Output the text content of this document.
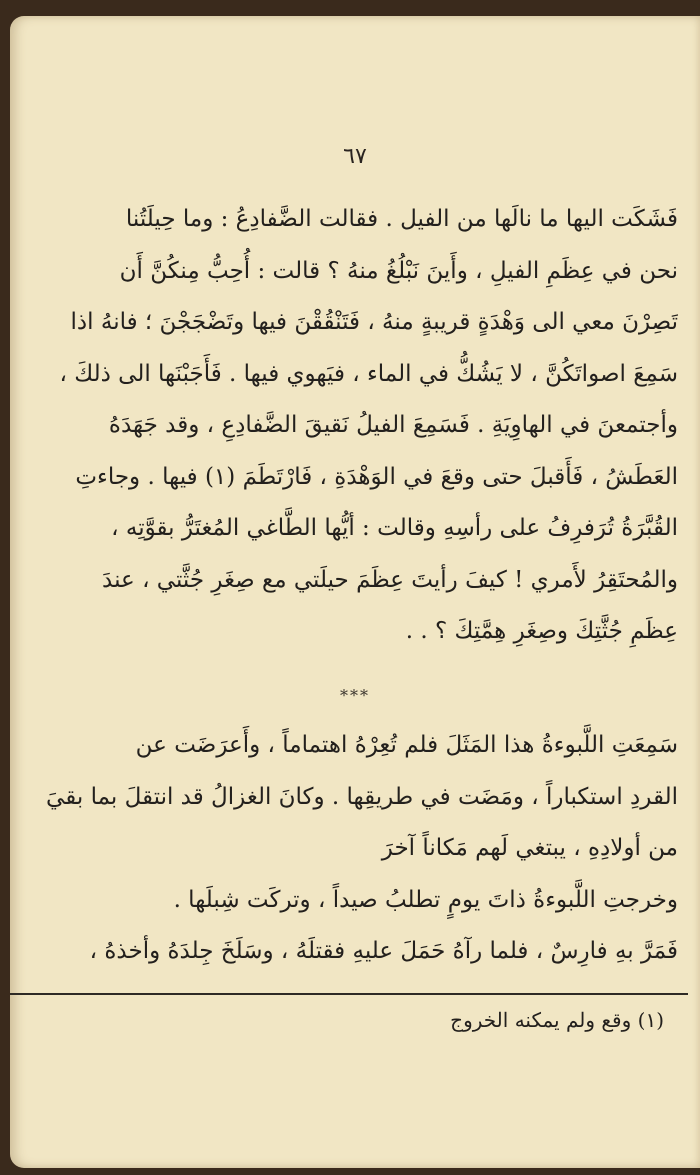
٦٧
فَشَكَت اليها ما نالَها من الفيل . فقالت الضَّفادِعُ : وما حِيلَتُنا
نحن في عِظَمِ الفيلِ ، وأَينَ نَبْلُغُ منهُ ؟ قالت : أُحِبُّ مِنكُنَّ أَن
تَصِرْنَ معي الى وَهْدَةٍ قريبةٍ منهُ ، فَتَنْقُقْنَ فيها وتَضْجَجْنَ ؛ فانهُ اذا
سَمِعَ اصواتَكُنَّ ، لا يَشُكُّ في الماء ، فيَهوي فيها . فَأَجَبْنَها الى ذلكَ ،
وأجتمعنَ في الهاوِيَةِ . فَسَمِعَ الفيلُ نَقيقَ الضَّفادِعِ ، وقد جَهَدَهُ
العَطَشُ ، فَأَقبلَ حتى وقعَ في الوَهْدَةِ ، فَارْتَطَمَ (١) فيها . وجاءتِ
القُبَّرَةُ تُرَفرِفُ على رأسِهِ وقالت : أيُّها الطَّاغي المُغتَرُّ بقوَّتِه ،
والمُحتَقِرُ لأَمري ! كيفَ رأيتَ عِظَمَ حيلَتي مع صِغَرِ جُثَّتي ، عندَ
عِظَمِ جُثَّتِكَ وصِغَرِ هِمَّتِكَ ؟ . .
***
سَمِعَتِ اللَّبوءةُ هذا المَثَلَ فلم تُعِرْهُ اهتماماً ، وأَعرَضَت عن
القردِ استكباراً ، ومَضَت في طريقِها . وكانَ الغزالُ قد انتقلَ بما بقيَ
من أولادِهِ ، يبتغي لَهم مَكاناً آخرَ
وخرجتِ اللَّبوءةُ ذاتَ يومٍ تطلبُ صيداً ، وتركَت شِبلَها .
فَمَرَّ بهِ فارِسٌ ، فلما رآهُ حَمَلَ عليهِ فقتلَهُ ، وسَلَخَ جِلدَهُ وأخذهُ ،
(١) وقع ولم يمكنه الخروج
